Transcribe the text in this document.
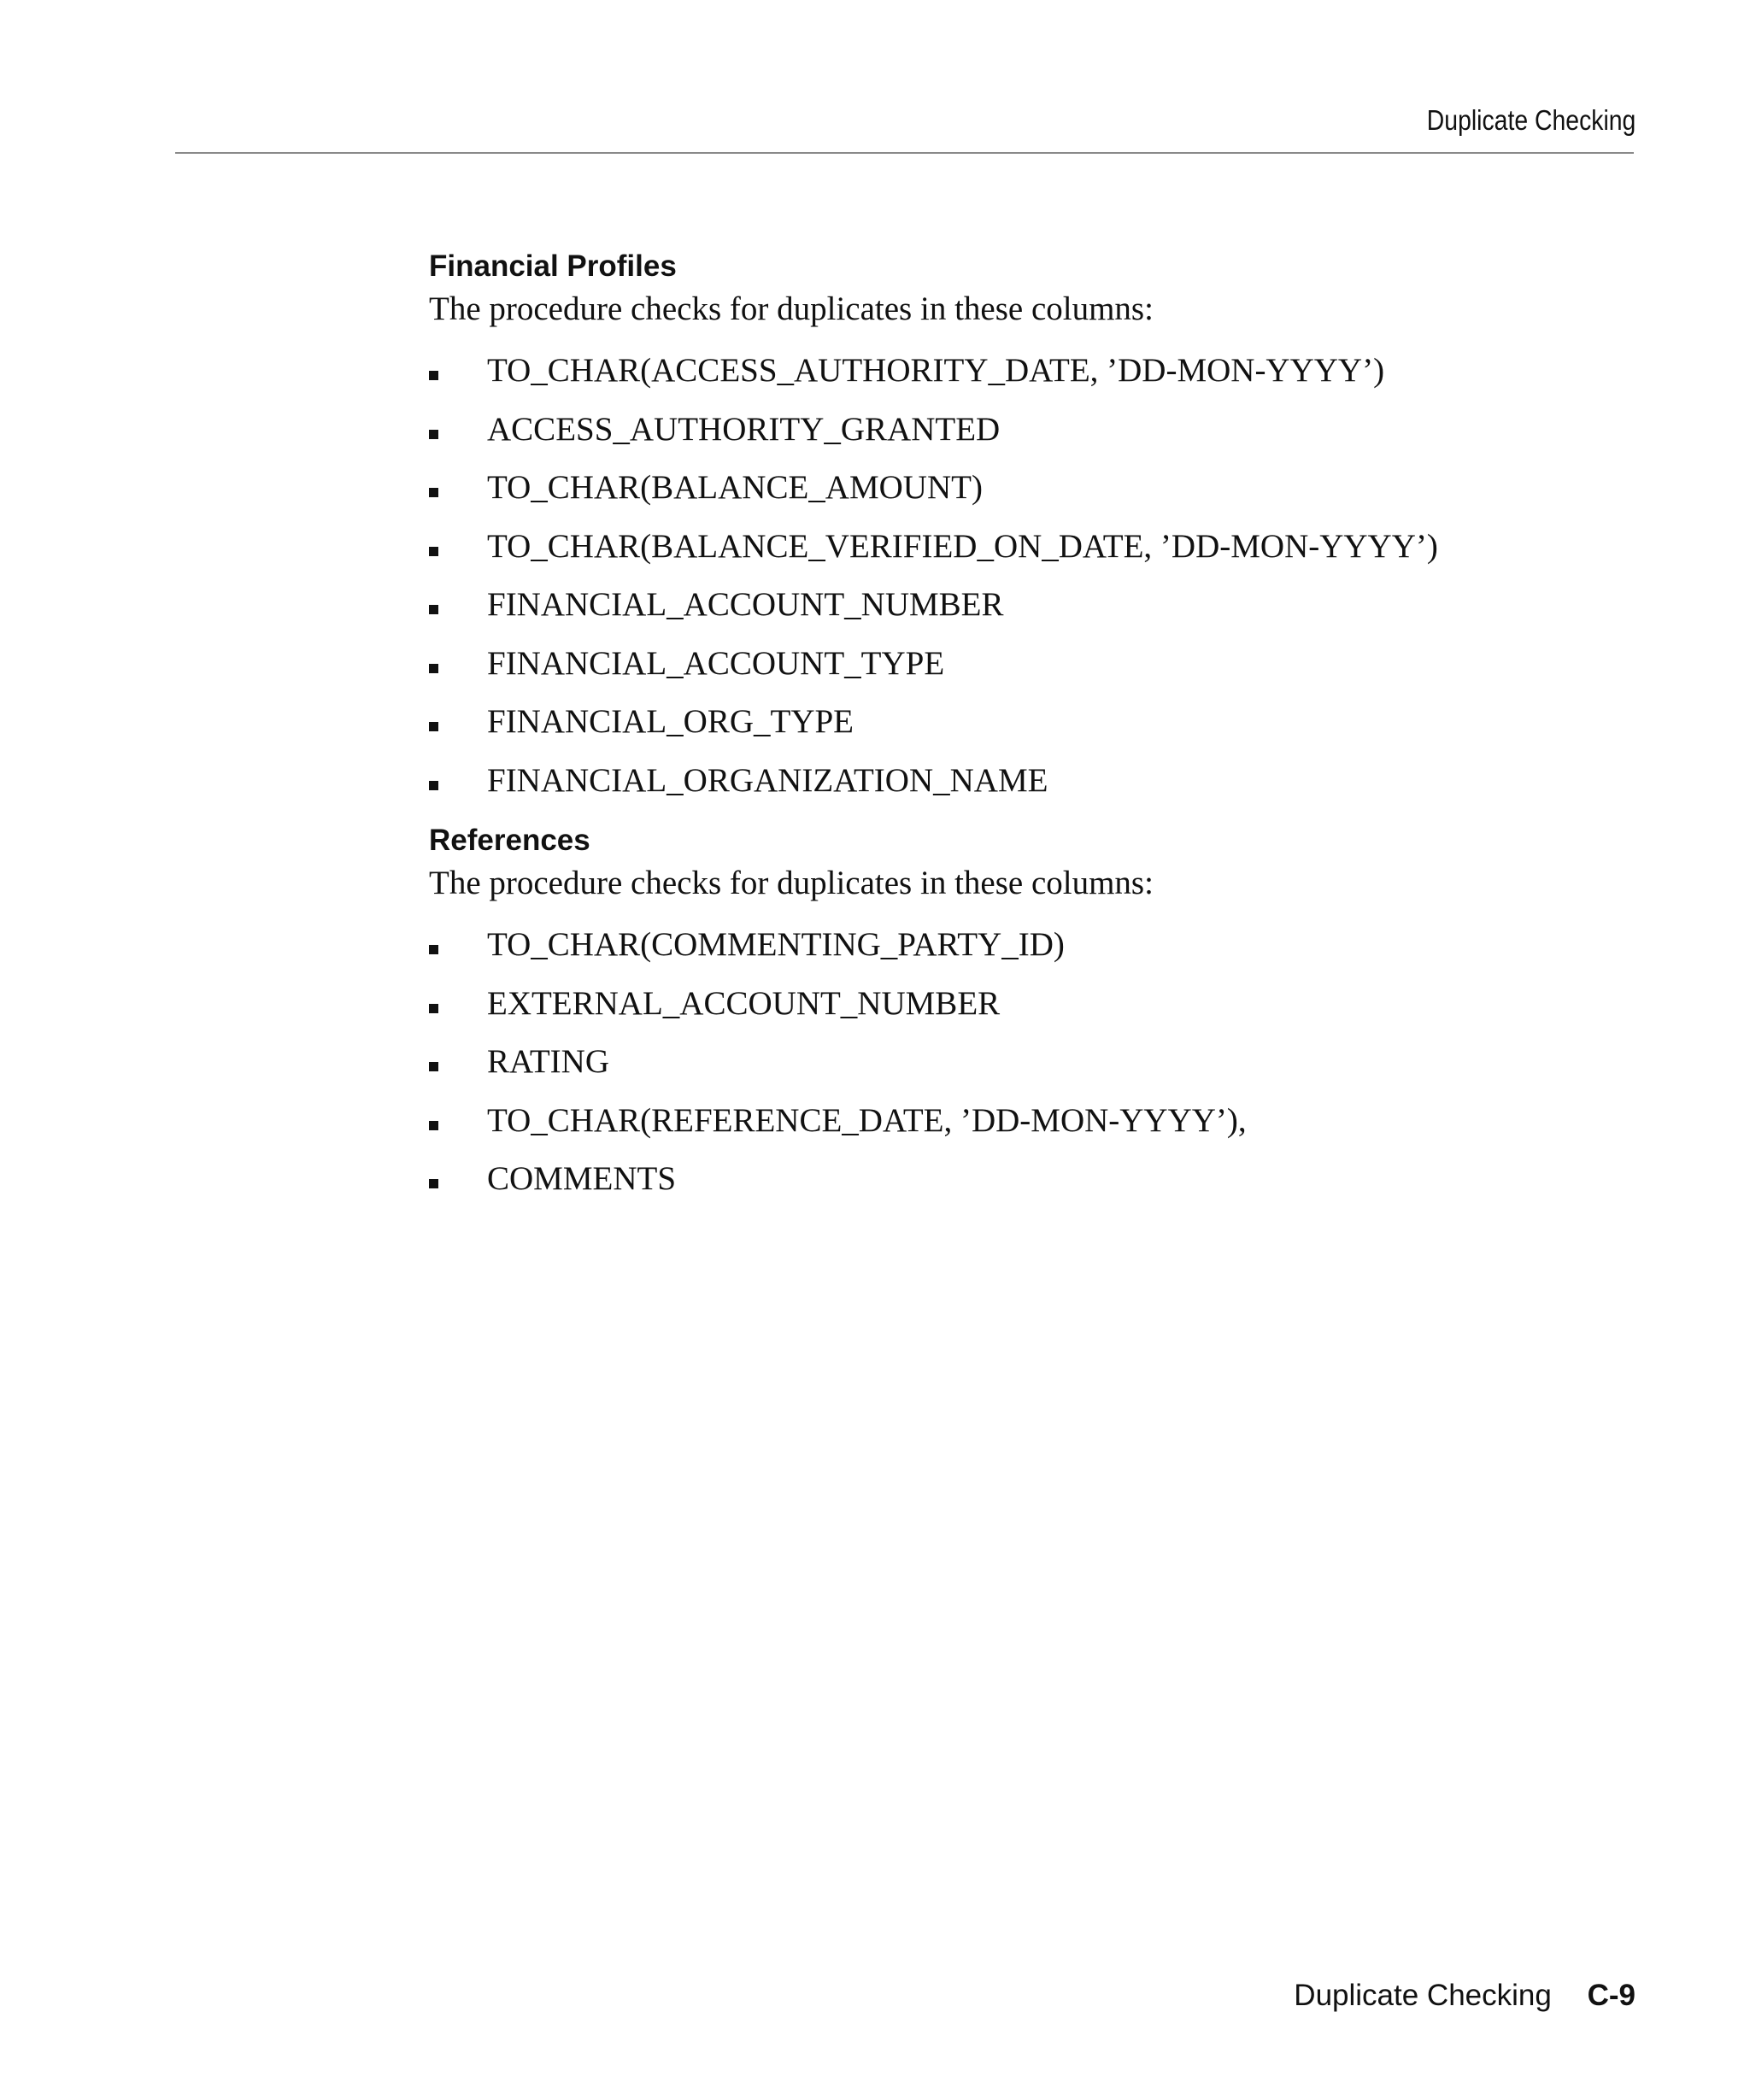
Duplicate Checking
Financial Profiles

The procedure checks for duplicates in these columns:

TO_CHAR(ACCESS_AUTHORITY_DATE, ’DD-MON-YYYY’)
ACCESS_AUTHORITY_GRANTED
TO_CHAR(BALANCE_AMOUNT)
TO_CHAR(BALANCE_VERIFIED_ON_DATE, ’DD-MON-YYYY’)
FINANCIAL_ACCOUNT_NUMBER
FINANCIAL_ACCOUNT_TYPE
FINANCIAL_ORG_TYPE
FINANCIAL_ORGANIZATION_NAME
References

The procedure checks for duplicates in these columns:

TO_CHAR(COMMENTING_PARTY_ID)
EXTERNAL_ACCOUNT_NUMBER
RATING
TO_CHAR(REFERENCE_DATE, ’DD-MON-YYYY’),
COMMENTS
Duplicate Checking C-9
